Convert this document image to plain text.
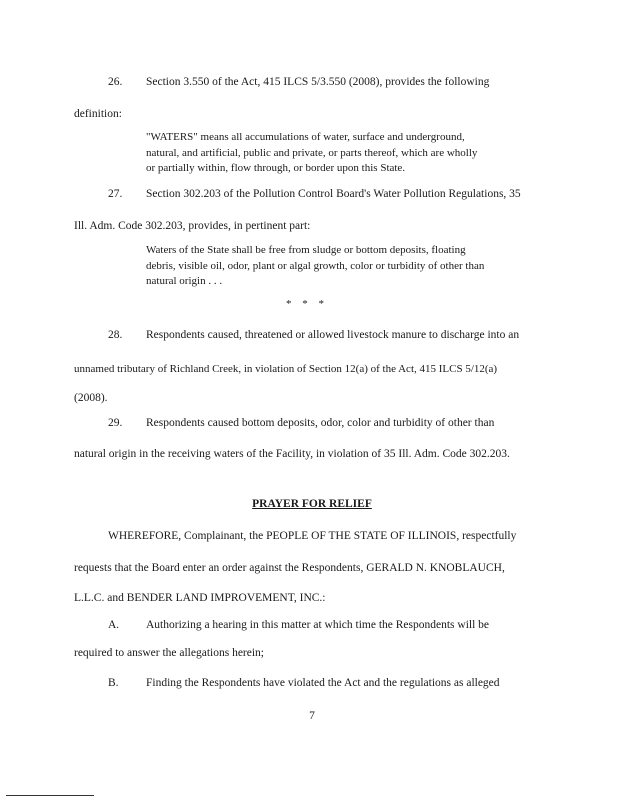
26. Section 3.550 of the Act, 415 ILCS 5/3.550 (2008), provides the following

definition:

"WATERS" means all accumulations of water, surface and underground,

natural, and artificial, public and private, or parts thereof, which are wholly

or partially within, flow through, or border upon this State.

27. Section 302.203 of the Pollution Control Board's Water Pollution Regulations, 35

Ill. Adm. Code 302.203, provides, in pertinent part:

Waters of the State shall be free from sludge or bottom deposits, floating

debris, visible oil, odor, plant or algal growth, color or turbidity of other than

natural origin . . .

* * *
28. Respondents caused, threatened or allowed livestock manure to discharge into an

unnamed tributary of Richland Creek, in violation of Section 12(a) of the Act, 415 ILCS 5/12(a)

(2008).

29. Respondents caused bottom deposits, odor, color and turbidity of other than

natural origin in the receiving waters of the Facility, in violation of 35 Ill. Adm. Code 302.203.

PRAYER FOR RELIEF

WHEREFORE, Complainant, the PEOPLE OF THE STATE OF ILLINOIS, respectfully

requests that the Board enter an order against the Respondents, GERALD N. KNOBLAUCH,

L.L.C. and BENDER LAND IMPROVEMENT, INC.:

A. Authorizing a hearing in this matter at which time the Respondents will be

required to answer the allegations herein;

B. Finding the Respondents have violated the Act and the regulations as alleged

7
